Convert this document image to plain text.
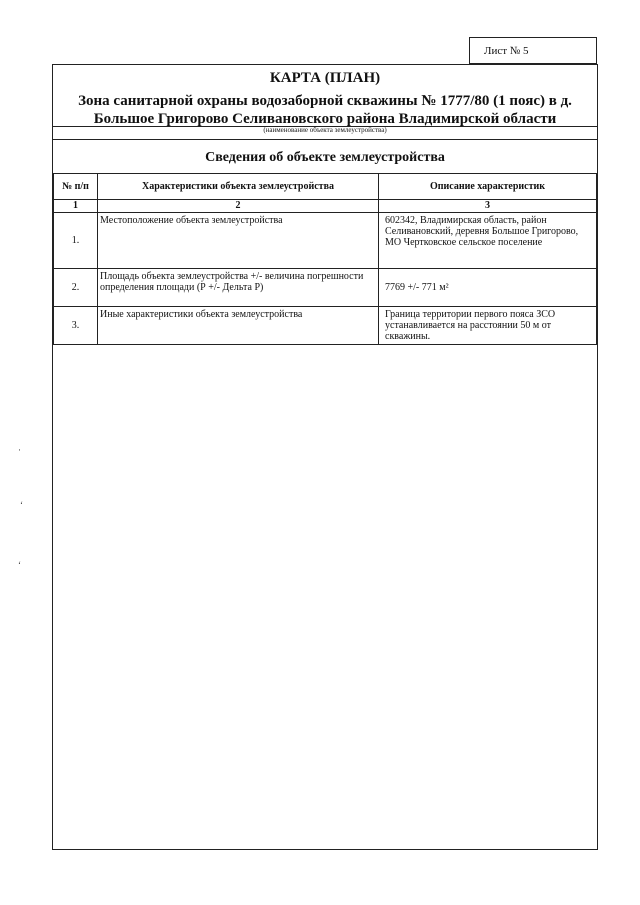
Лист № 5
КАРТА (ПЛАН)
Зона санитарной охраны водозаборной скважины № 1777/80 (1 пояс) в д.
Большое Григорово Селивановского района Владимирской области
(наименование объекта землеустройства)
Сведения об объекте землеустройства
№ п/п	Характеристики объекта землеустройства	Описание характеристик
1	2	3
1.	Местоположение объекта землеустройства	602342, Владимирская область, район Селивановский, деревня Большое Григорово, МО Чертковское сельское поселение
2.	Площадь объекта землеустройства +/- величина погрешности определения площади (Р +/- Дельта Р)	7769 +/- 771 м²
3.	Иные характеристики объекта землеустройства	Граница территории первого пояса ЗСО устанавливается на расстоянии 50 м от скважины.
·
‘
‘
